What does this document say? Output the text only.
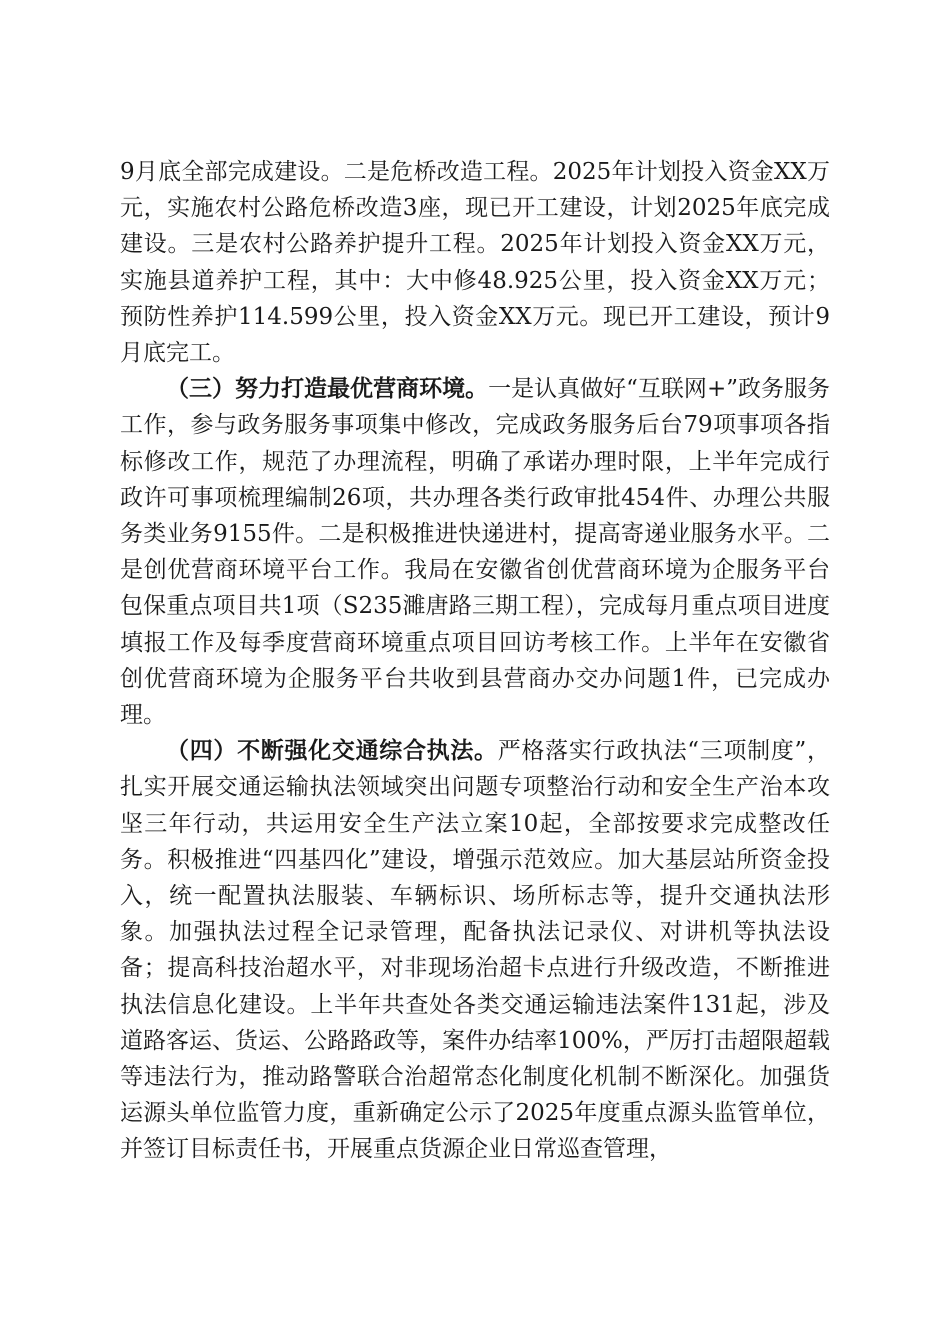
9月底全部完成建设。二是危桥改造工程。2025年计划投入资金XX万元，实施农村公路危桥改造3座，现已开工建设，计划2025年底完成建设。三是农村公路养护提升工程。2025年计划投入资金XX万元，实施县道养护工程，其中：大中修48.925公里，投入资金XX万元；预防性养护114.599公里，投入资金XX万元。现已开工建设，预计9月底完工。

（三）努力打造最优营商环境。一是认真做好“互联网+”政务服务工作，参与政务服务事项集中修改，完成政务服务后台79项事项各指标修改工作，规范了办理流程，明确了承诺办理时限，上半年完成行政许可事项梳理编制26项，共办理各类行政审批454件、办理公共服务类业务9155件。二是积极推进快递进村，提高寄递业服务水平。二是创优营商环境平台工作。我局在安徽省创优营商环境为企服务平台包保重点项目共1项（S235濉唐路三期工程），完成每月重点项目进度填报工作及每季度营商环境重点项目回访考核工作。上半年在安徽省创优营商环境为企服务平台共收到县营商办交办问题1件，已完成办理。

（四）不断强化交通综合执法。严格落实行政执法“三项制度”，扎实开展交通运输执法领域突出问题专项整治行动和安全生产治本攻坚三年行动，共运用安全生产法立案10起，全部按要求完成整改任务。积极推进“四基四化”建设，增强示范效应。加大基层站所资金投入，统一配置执法服装、车辆标识、场所标志等，提升交通执法形象。加强执法过程全记录管理，配备执法记录仪、对讲机等执法设备；提高科技治超水平，对非现场治超卡点进行升级改造，不断推进执法信息化建设。上半年共查处各类交通运输违法案件131起，涉及道路客运、货运、公路路政等，案件办结率100%，严厉打击超限超载等违法行为，推动路警联合治超常态化制度化机制不断深化。加强货运源头单位监管力度，重新确定公示了2025年度重点源头监管单位，并签订目标责任书，开展重点货源企业日常巡查管理，
